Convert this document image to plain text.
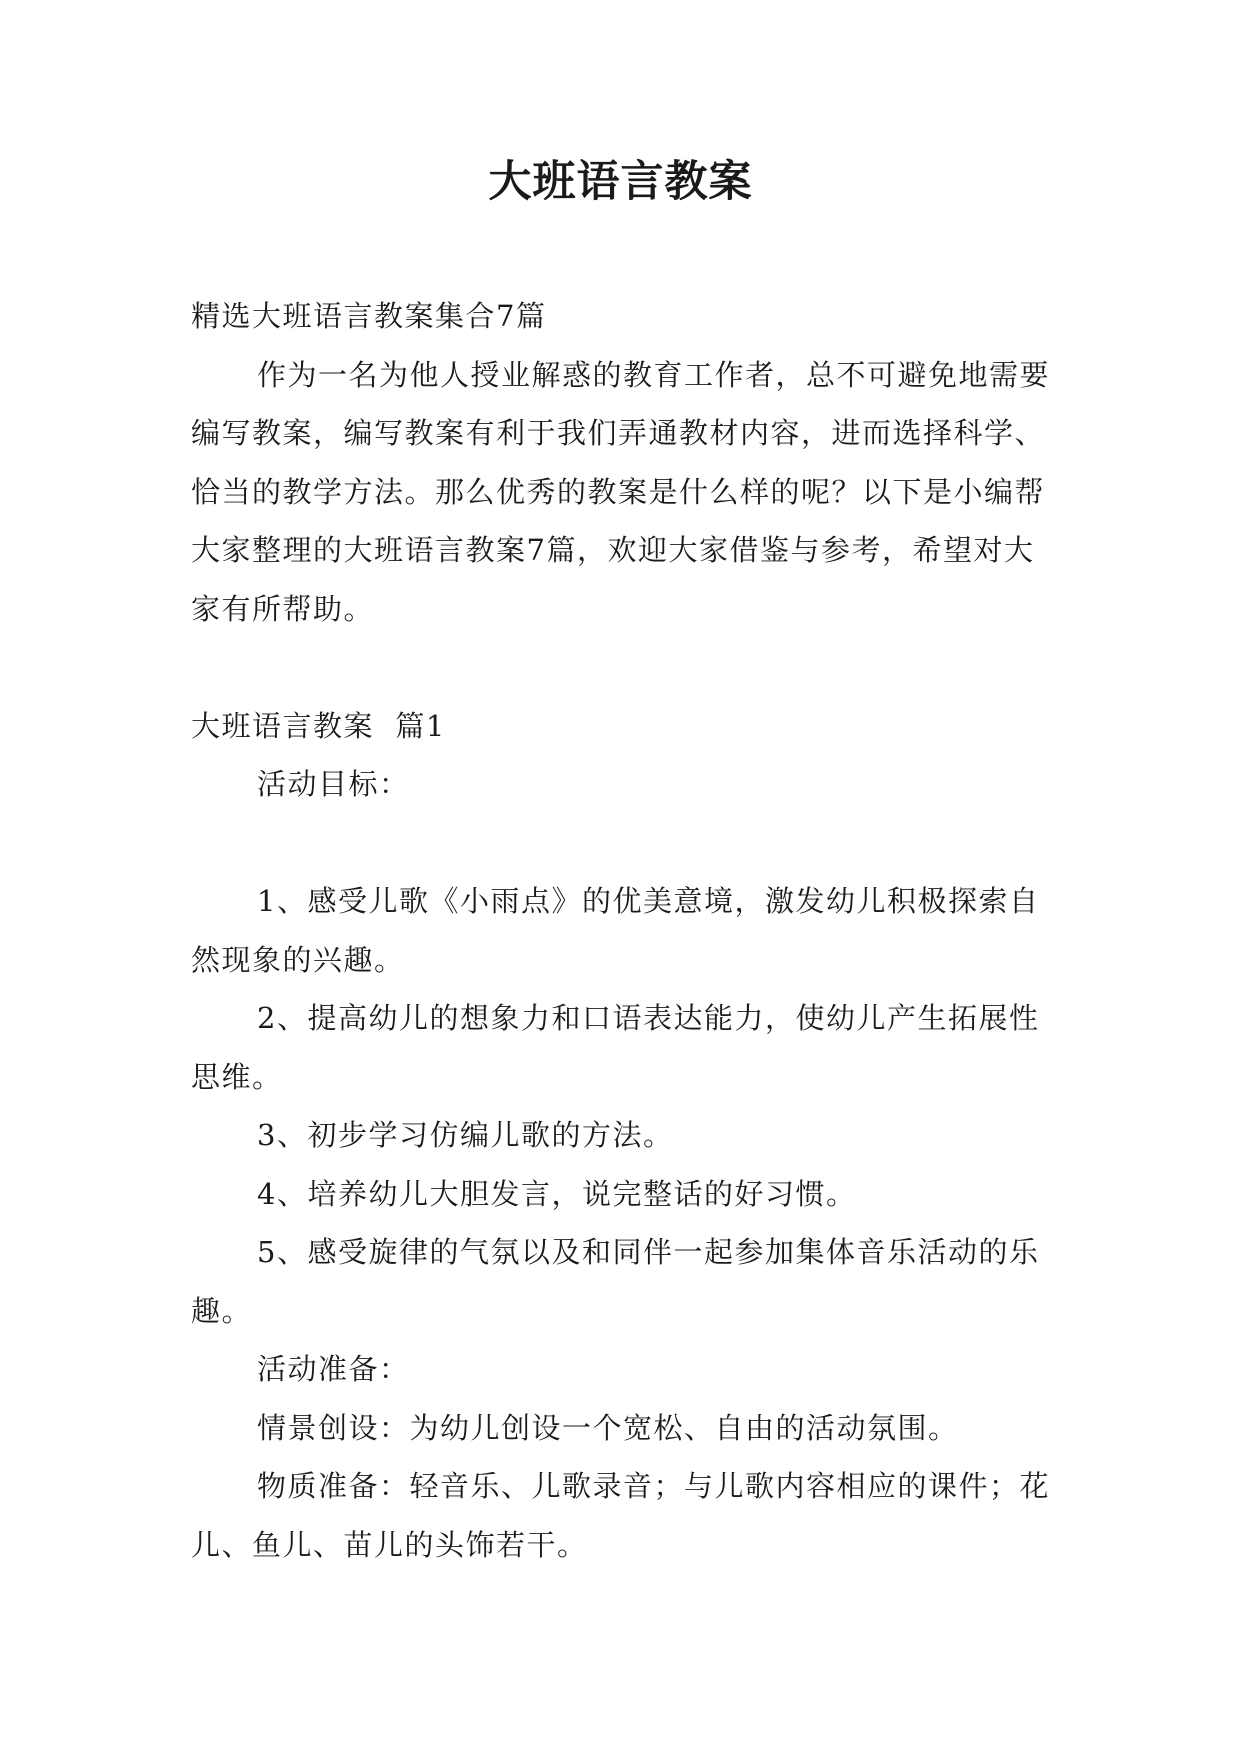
大班语言教案

精选大班语言教案集合7篇

作为一名为他人授业解惑的教育工作者，总不可避免地需要编写教案，编写教案有利于我们弄通教材内容，进而选择科学、恰当的教学方法。那么优秀的教案是什么样的呢？以下是小编帮大家整理的大班语言教案7篇，欢迎大家借鉴与参考，希望对大家有所帮助。

大班语言教案  篇1

活动目标：

1、感受儿歌《小雨点》的优美意境，激发幼儿积极探索自然现象的兴趣。

2、提高幼儿的想象力和口语表达能力，使幼儿产生拓展性思维。

3、初步学习仿编儿歌的方法。

4、培养幼儿大胆发言，说完整话的好习惯。

5、感受旋律的气氛以及和同伴一起参加集体音乐活动的乐趣。

活动准备：

情景创设：为幼儿创设一个宽松、自由的活动氛围。

物质准备：轻音乐、儿歌录音；与儿歌内容相应的课件；花儿、鱼儿、苗儿的头饰若干。
